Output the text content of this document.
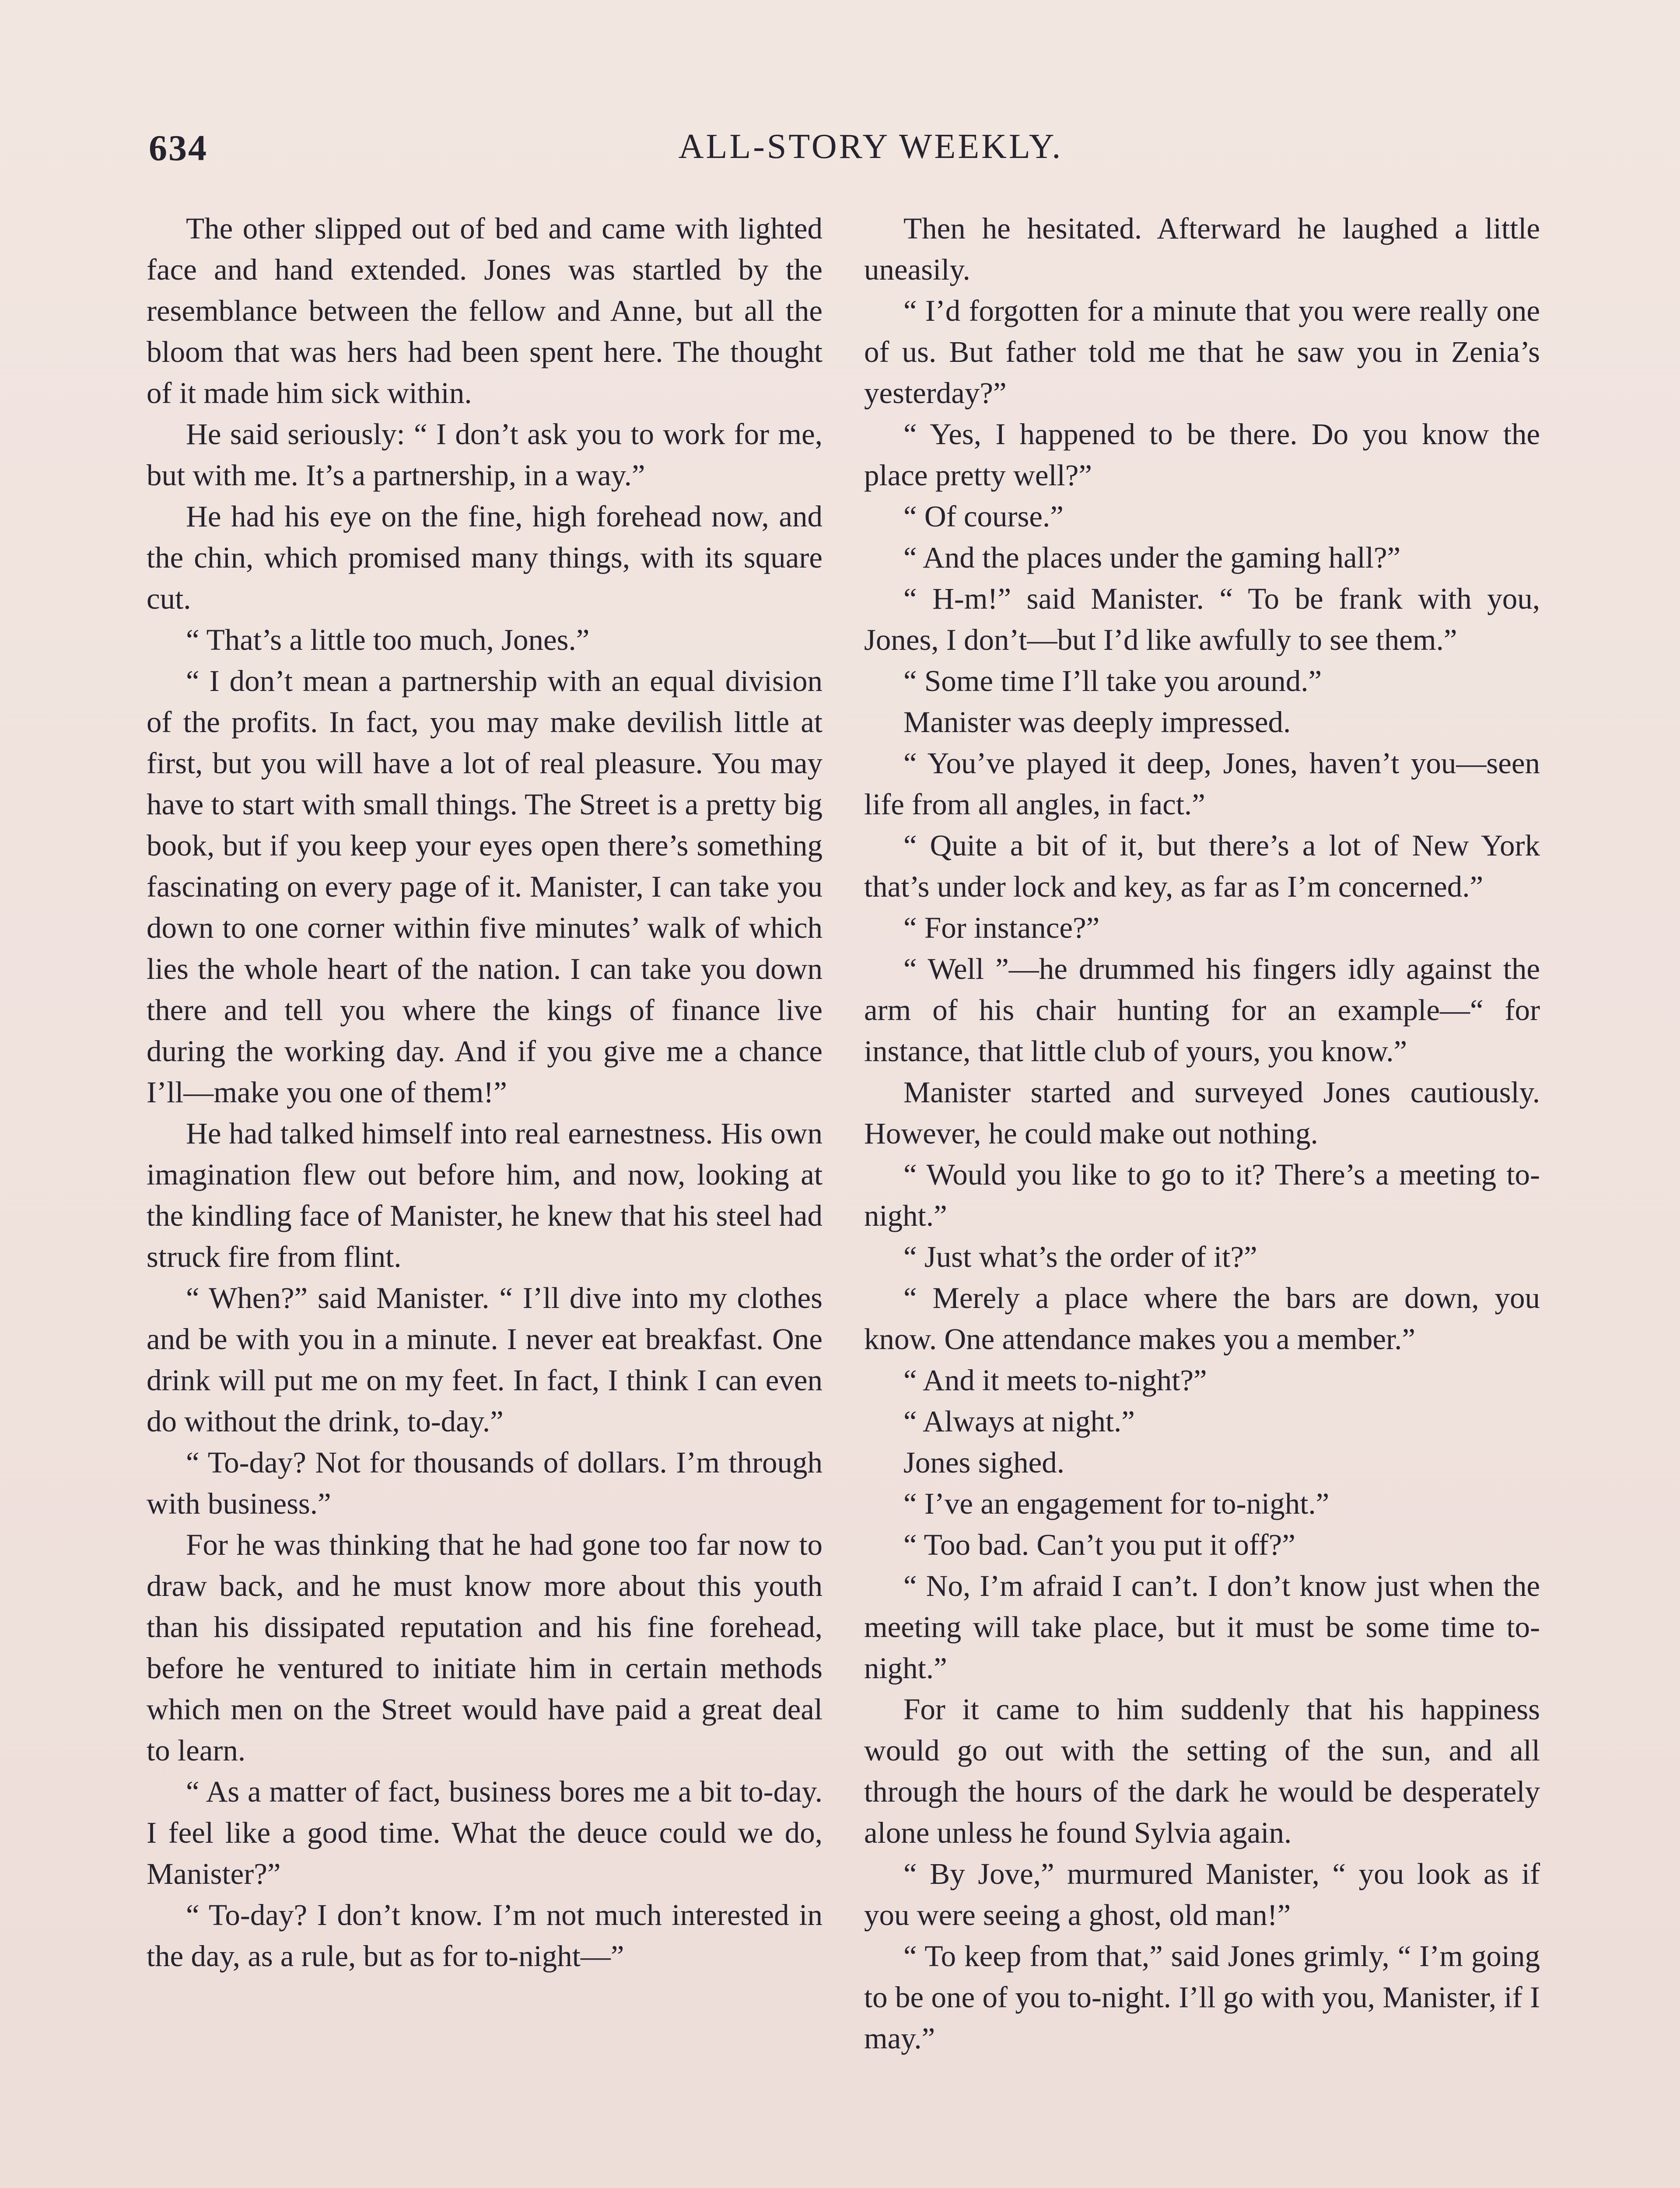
634	ALL-STORY WEEKLY.

The other slipped out of bed and came with lighted face and hand extended. Jones was startled by the resemblance between the fellow and Anne, but all the bloom that was hers had been spent here. The thought of it made him sick within.

He said seriously: “ I don’t ask you to work for me, but with me. It’s a partnership, in a way.”

He had his eye on the fine, high forehead now, and the chin, which promised many things, with its square cut.

“ That’s a little too much, Jones.”

“ I don’t mean a partnership with an equal division of the profits. In fact, you may make devilish little at first, but you will have a lot of real pleasure. You may have to start with small things. The Street is a pretty big book, but if you keep your eyes open there’s something fascinating on every page of it. Manister, I can take you down to one corner within five minutes’ walk of which lies the whole heart of the nation. I can take you down there and tell you where the kings of finance live during the working day. And if you give me a chance I’ll—make you one of them!”

He had talked himself into real earnestness. His own imagination flew out before him, and now, looking at the kindling face of Manister, he knew that his steel had struck fire from flint.

“ When?” said Manister. “ I’ll dive into my clothes and be with you in a minute. I never eat breakfast. One drink will put me on my feet. In fact, I think I can even do without the drink, to-day.”

“ To-day? Not for thousands of dollars. I’m through with business.”

For he was thinking that he had gone too far now to draw back, and he must know more about this youth than his dissipated reputation and his fine forehead, before he ventured to initiate him in certain methods which men on the Street would have paid a great deal to learn.

“ As a matter of fact, business bores me a bit to-day. I feel like a good time. What the deuce could we do, Manister?”

“ To-day? I don’t know. I’m not much interested in the day, as a rule, but as for to-night—”

Then he hesitated. Afterward he laughed a little uneasily.

“ I’d forgotten for a minute that you were really one of us. But father told me that he saw you in Zenia’s yesterday?”

“ Yes, I happened to be there. Do you know the place pretty well?”

“ Of course.”

“ And the places under the gaming hall?”

“ H-m!” said Manister. “ To be frank with you, Jones, I don’t—but I’d like awfully to see them.”

“ Some time I’ll take you around.”

Manister was deeply impressed.

“ You’ve played it deep, Jones, haven’t you—seen life from all angles, in fact.”

“ Quite a bit of it, but there’s a lot of New York that’s under lock and key, as far as I’m concerned.”

“ For instance?”

“ Well ”—he drummed his fingers idly against the arm of his chair hunting for an example—“ for instance, that little club of yours, you know.”

Manister started and surveyed Jones cautiously. However, he could make out nothing.

“ Would you like to go to it? There’s a meeting to-night.”

“ Just what’s the order of it?”

“ Merely a place where the bars are down, you know. One attendance makes you a member.”

“ And it meets to-night?”

“ Always at night.”

Jones sighed.

“ I’ve an engagement for to-night.”

“ Too bad. Can’t you put it off?”

“ No, I’m afraid I can’t. I don’t know just when the meeting will take place, but it must be some time to-night.”

For it came to him suddenly that his happiness would go out with the setting of the sun, and all through the hours of the dark he would be desperately alone unless he found Sylvia again.

“ By Jove,” murmured Manister, “ you look as if you were seeing a ghost, old man!”

“ To keep from that,” said Jones grimly, “ I’m going to be one of you to-night. I’ll go with you, Manister, if I may.”
